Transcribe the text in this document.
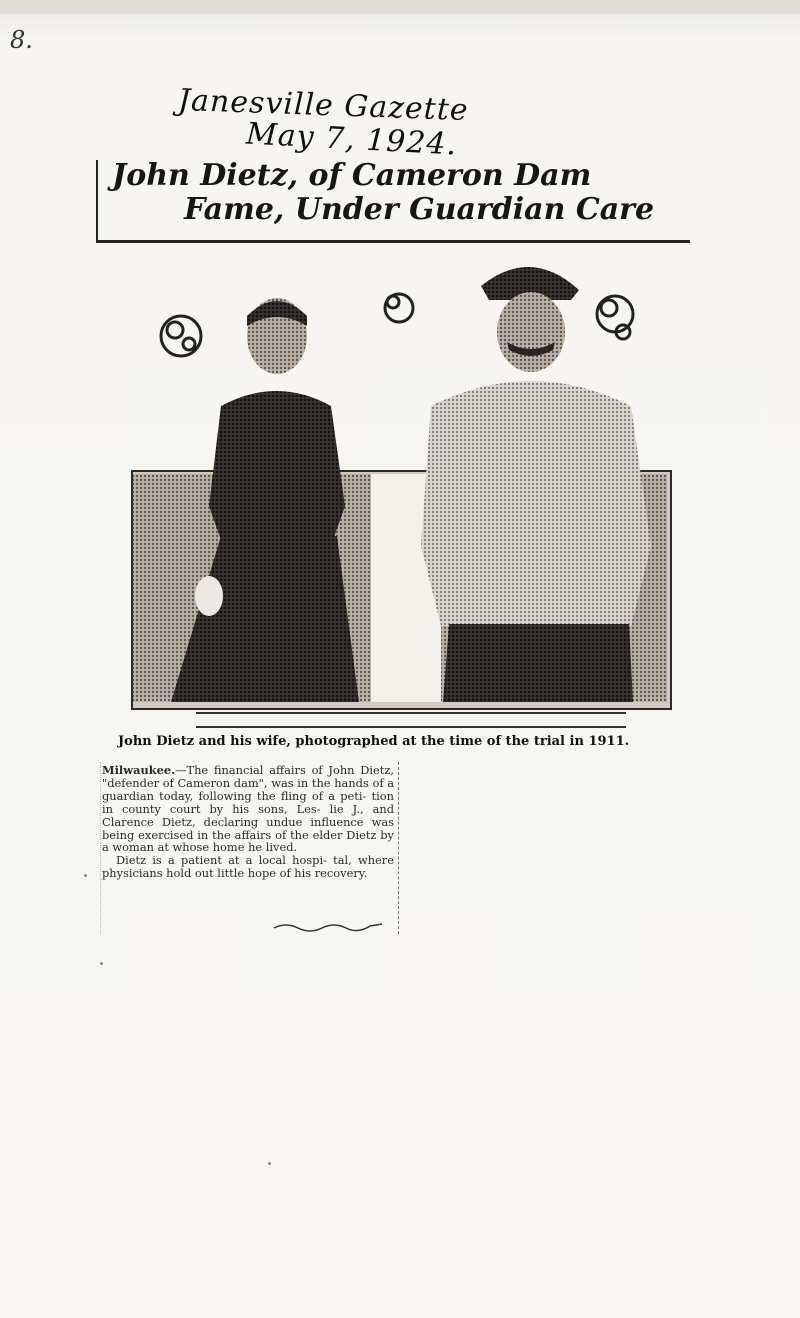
8.
Janesville Gazette
May 7, 1924.
John Dietz, of Cameron Dam
Fame, Under Guardian Care
John Dietz and his wife, photographed at the time of the trial in 1911.

Milwaukee.—The financial affairs of John Dietz, "defender of Cameron dam", was in the hands of a guardian today, following the fling of a peti- tion in county court by his sons, Les- lie J., and Clarence Dietz, declaring undue influence was being exercised in the affairs of the elder Dietz by a woman at whose home he lived.

Dietz is a patient at a local hospi- tal, where physicians hold out little hope of his recovery.
